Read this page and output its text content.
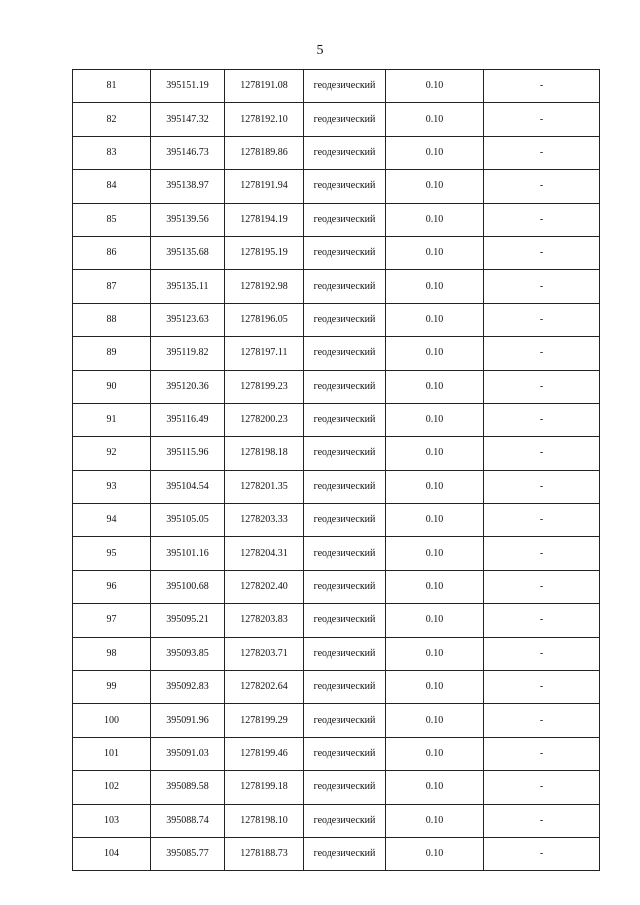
5
81	395151.19	1278191.08	геодезический	0.10	-
82	395147.32	1278192.10	геодезический	0.10	-
83	395146.73	1278189.86	геодезический	0.10	-
84	395138.97	1278191.94	геодезический	0.10	-
85	395139.56	1278194.19	геодезический	0.10	-
86	395135.68	1278195.19	геодезический	0.10	-
87	395135.11	1278192.98	геодезический	0.10	-
88	395123.63	1278196.05	геодезический	0.10	-
89	395119.82	1278197.11	геодезический	0.10	-
90	395120.36	1278199.23	геодезический	0.10	-
91	395116.49	1278200.23	геодезический	0.10	-
92	395115.96	1278198.18	геодезический	0.10	-
93	395104.54	1278201.35	геодезический	0.10	-
94	395105.05	1278203.33	геодезический	0.10	-
95	395101.16	1278204.31	геодезический	0.10	-
96	395100.68	1278202.40	геодезический	0.10	-
97	395095.21	1278203.83	геодезический	0.10	-
98	395093.85	1278203.71	геодезический	0.10	-
99	395092.83	1278202.64	геодезический	0.10	-
100	395091.96	1278199.29	геодезический	0.10	-
101	395091.03	1278199.46	геодезический	0.10	-
102	395089.58	1278199.18	геодезический	0.10	-
103	395088.74	1278198.10	геодезический	0.10	-
104	395085.77	1278188.73	геодезический	0.10	-
